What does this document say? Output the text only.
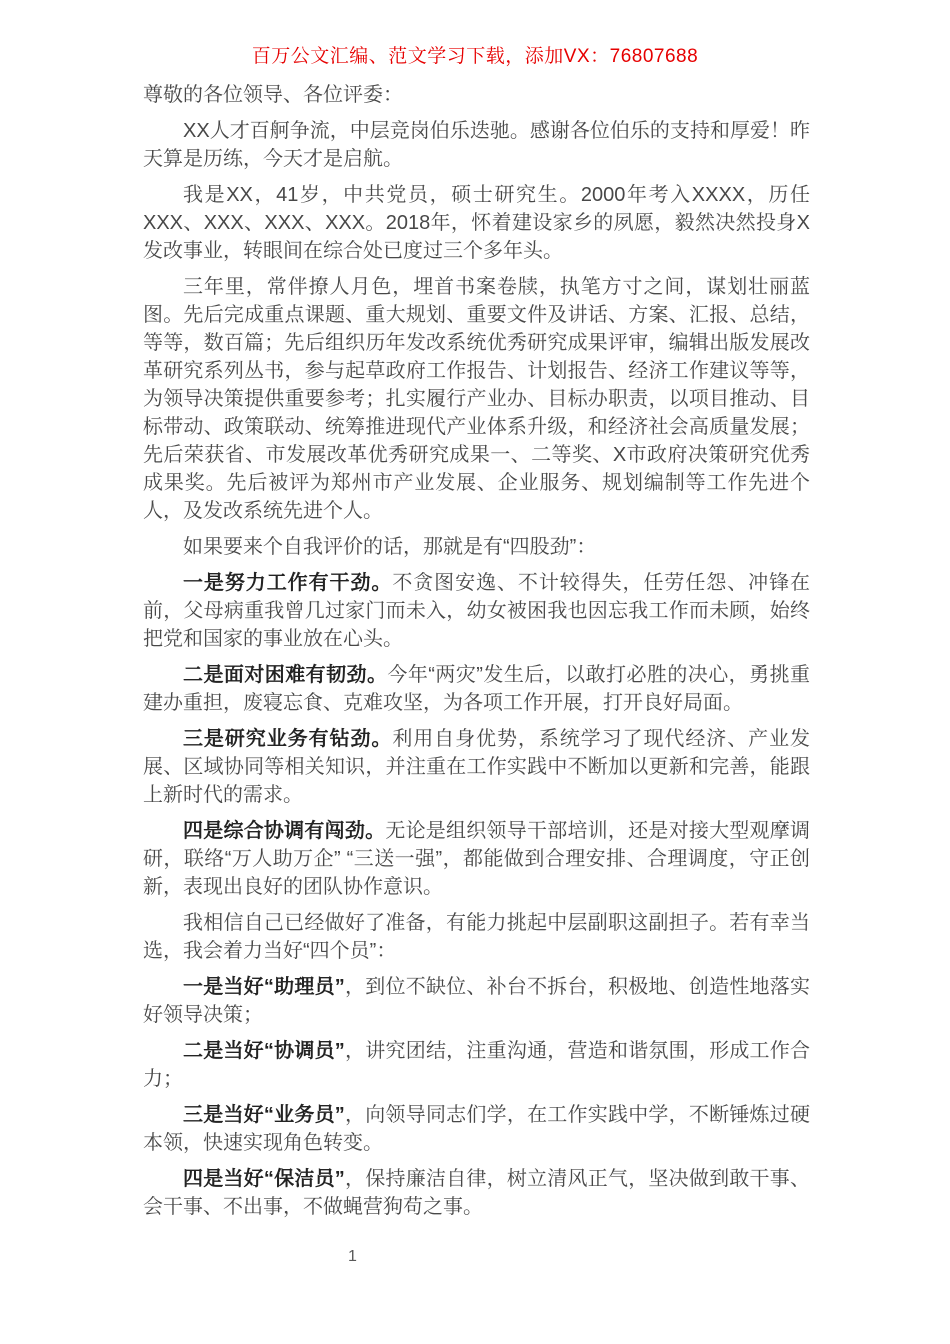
百万公文汇编、范文学习下载，添加VX：76807688

尊敬的各位领导、各位评委：

XX人才百舸争流，中层竞岗伯乐迭驰。感谢各位伯乐的支持和厚爱！昨天算是历练，今天才是启航。

我是XX，41岁，中共党员，硕士研究生。2000年考入XXXX，历任XXX、XXX、XXX、XXX。2018年，怀着建设家乡的夙愿，毅然决然投身X发改事业，转眼间在综合处已度过三个多年头。

三年里，常伴撩人月色，埋首书案卷牍，执笔方寸之间，谋划壮丽蓝图。先后完成重点课题、重大规划、重要文件及讲话、方案、汇报、总结，等等，数百篇；先后组织历年发改系统优秀研究成果评审，编辑出版发展改革研究系列丛书，参与起草政府工作报告、计划报告、经济工作建议等等，为领导决策提供重要参考；扎实履行产业办、目标办职责，以项目推动、目标带动、政策联动、统筹推进现代产业体系升级，和经济社会高质量发展；先后荣获省、市发展改革优秀研究成果一、二等奖、X市政府决策研究优秀成果奖。先后被评为郑州市产业发展、企业服务、规划编制等工作先进个人，及发改系统先进个人。

如果要来个自我评价的话，那就是有“四股劲”：

一是努力工作有干劲。不贪图安逸、不计较得失，任劳任怨、冲锋在前，父母病重我曾几过家门而未入，幼女被困我也因忘我工作而未顾，始终把党和国家的事业放在心头。

二是面对困难有韧劲。今年“两灾”发生后，以敢打必胜的决心，勇挑重建办重担，废寝忘食、克难攻坚，为各项工作开展，打开良好局面。

三是研究业务有钻劲。利用自身优势，系统学习了现代经济、产业发展、区域协同等相关知识，并注重在工作实践中不断加以更新和完善，能跟上新时代的需求。

四是综合协调有闯劲。无论是组织领导干部培训，还是对接大型观摩调研，联络“万人助万企” “三送一强”，都能做到合理安排、合理调度，守正创新，表现出良好的团队协作意识。

我相信自己已经做好了准备，有能力挑起中层副职这副担子。若有幸当选，我会着力当好“四个员”：

一是当好“助理员”，到位不缺位、补台不拆台，积极地、创造性地落实好领导决策；

二是当好“协调员”，讲究团结，注重沟通，营造和谐氛围，形成工作合力；

三是当好“业务员”，向领导同志们学，在工作实践中学，不断锤炼过硬本领，快速实现角色转变。

四是当好“保洁员”，保持廉洁自律，树立清风正气，坚决做到敢干事、会干事、不出事，不做蝇营狗苟之事。

1
